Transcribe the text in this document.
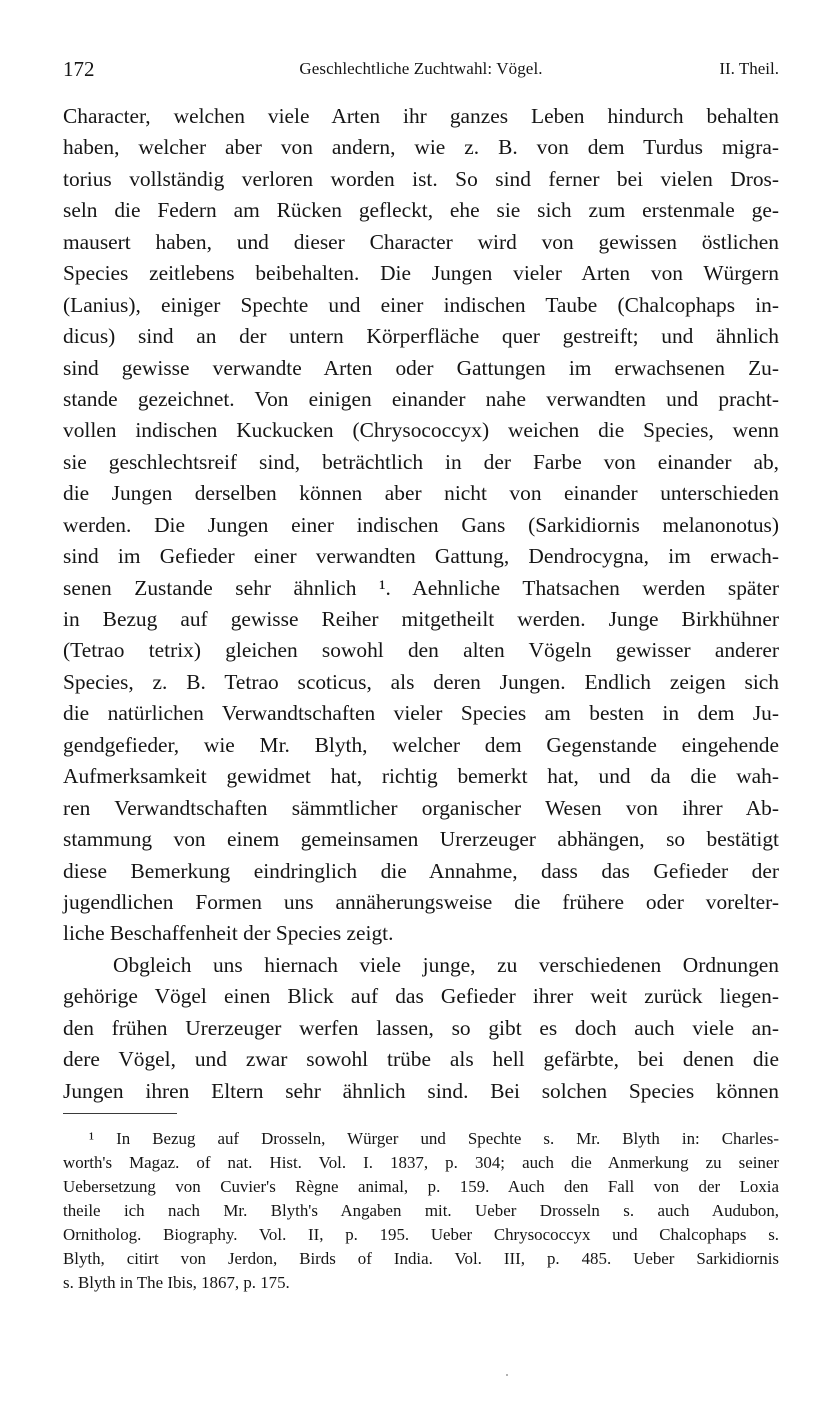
172	Geschlechtliche Zuchtwahl: Vögel.	II. Theil.
Character, welchen viele Arten ihr ganzes Leben hindurch behalten
haben, welcher aber von andern, wie z. B. von dem Turdus migra-
torius vollständig verloren worden ist. So sind ferner bei vielen Dros-
seln die Federn am Rücken gefleckt, ehe sie sich zum erstenmale ge-
mausert haben, und dieser Character wird von gewissen östlichen
Species zeitlebens beibehalten. Die Jungen vieler Arten von Würgern
(Lanius), einiger Spechte und einer indischen Taube (Chalcophaps in-
dicus) sind an der untern Körperfläche quer gestreift; und ähnlich
sind gewisse verwandte Arten oder Gattungen im erwachsenen Zu-
stande gezeichnet. Von einigen einander nahe verwandten und pracht-
vollen indischen Kuckucken (Chrysococcyx) weichen die Species, wenn
sie geschlechtsreif sind, beträchtlich in der Farbe von einander ab,
die Jungen derselben können aber nicht von einander unterschieden
werden. Die Jungen einer indischen Gans (Sarkidiornis melanonotus)
sind im Gefieder einer verwandten Gattung, Dendrocygna, im erwach-
senen Zustande sehr ähnlich ¹. Aehnliche Thatsachen werden später
in Bezug auf gewisse Reiher mitgetheilt werden. Junge Birkhühner
(Tetrao tetrix) gleichen sowohl den alten Vögeln gewisser anderer
Species, z. B. Tetrao scoticus, als deren Jungen. Endlich zeigen sich
die natürlichen Verwandtschaften vieler Species am besten in dem Ju-
gendgefieder, wie Mr. Blyth, welcher dem Gegenstande eingehende
Aufmerksamkeit gewidmet hat, richtig bemerkt hat, und da die wah-
ren Verwandtschaften sämmtlicher organischer Wesen von ihrer Ab-
stammung von einem gemeinsamen Urerzeuger abhängen, so bestätigt
diese Bemerkung eindringlich die Annahme, dass das Gefieder der
jugendlichen Formen uns annäherungsweise die frühere oder vorelter-
liche Beschaffenheit der Species zeigt.
Obgleich uns hiernach viele junge, zu verschiedenen Ordnungen
gehörige Vögel einen Blick auf das Gefieder ihrer weit zurück liegen-
den frühen Urerzeuger werfen lassen, so gibt es doch auch viele an-
dere Vögel, und zwar sowohl trübe als hell gefärbte, bei denen die
Jungen ihren Eltern sehr ähnlich sind. Bei solchen Species können
¹ In Bezug auf Drosseln, Würger und Spechte s. Mr. Blyth in: Charles-
worth's Magaz. of nat. Hist. Vol. I. 1837, p. 304; auch die Anmerkung zu seiner
Uebersetzung von Cuvier's Règne animal, p. 159. Auch den Fall von der Loxia
theile ich nach Mr. Blyth's Angaben mit. Ueber Drosseln s. auch Audubon,
Ornitholog. Biography. Vol. II, p. 195. Ueber Chrysococcyx und Chalcophaps s.
Blyth, citirt von Jerdon, Birds of India. Vol. III, p. 485. Ueber Sarkidiornis
s. Blyth in The Ibis, 1867, p. 175.
